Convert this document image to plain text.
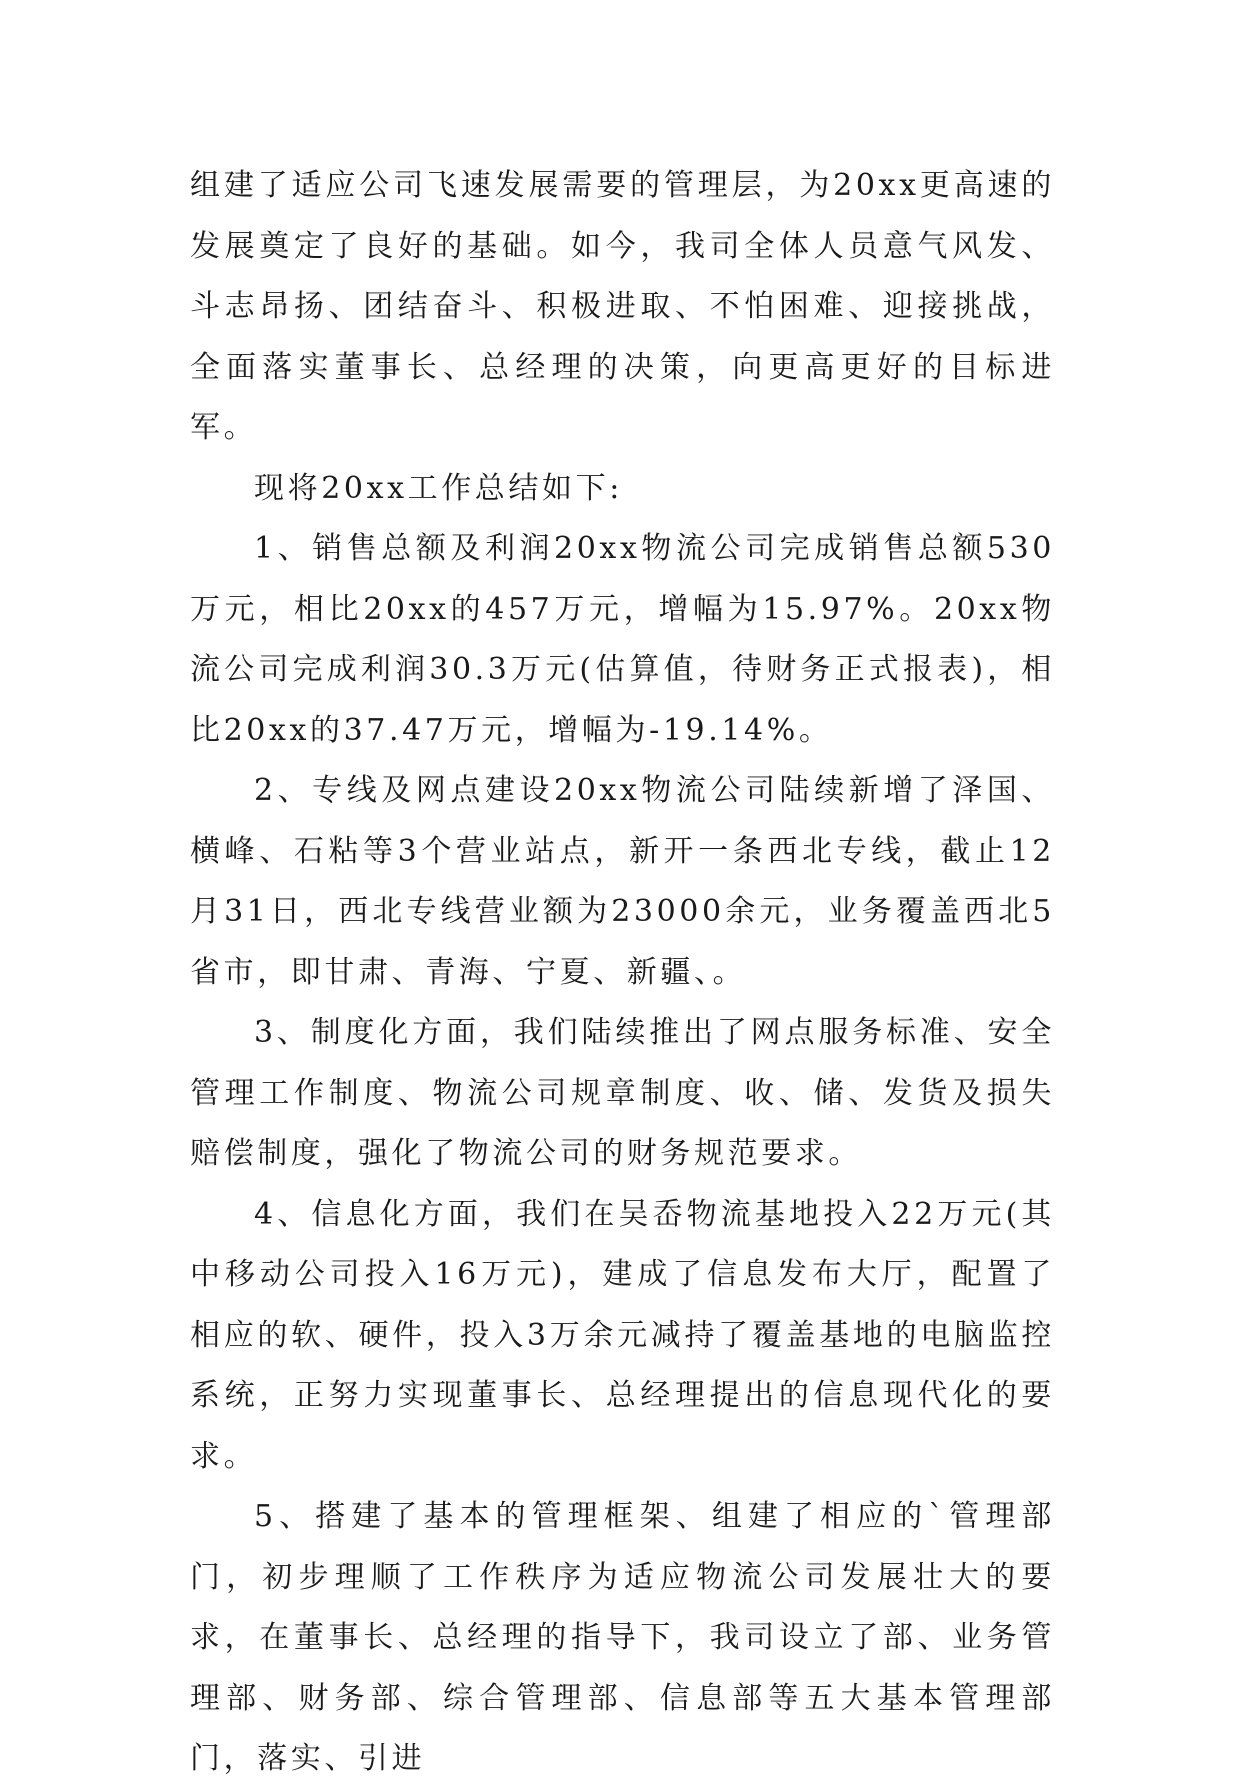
组建了适应公司飞速发展需要的管理层，为20xx更高速的发展奠定了良好的基础。如今，我司全体人员意气风发、斗志昂扬、团结奋斗、积极进取、不怕困难、迎接挑战，全面落实董事长、总经理的决策，向更高更好的目标进军。

现将20xx工作总结如下:

1、销售总额及利润20xx物流公司完成销售总额530万元，相比20xx的457万元，增幅为15.97%。20xx物流公司完成利润30.3万元(估算值，待财务正式报表)，相比20xx的37.47万元，增幅为-19.14%。

2、专线及网点建设20xx物流公司陆续新增了泽国、横峰、石粘等3个营业站点，新开一条西北专线，截止12月31日，西北专线营业额为23000余元，业务覆盖西北5省市，即甘肃、青海、宁夏、新疆、。

3、制度化方面，我们陆续推出了网点服务标准、安全管理工作制度、物流公司规章制度、收、储、发货及损失赔偿制度，强化了物流公司的财务规范要求。

4、信息化方面，我们在吴岙物流基地投入22万元(其中移动公司投入16万元)，建成了信息发布大厅，配置了相应的软、硬件，投入3万余元减持了覆盖基地的电脑监控系统，正努力实现董事长、总经理提出的信息现代化的要求。

5、搭建了基本的管理框架、组建了相应的`管理部门，初步理顺了工作秩序为适应物流公司发展壮大的要求，在董事长、总经理的指导下，我司设立了部、业务管理部、财务部、综合管理部、信息部等五大基本管理部门，落实、引进
